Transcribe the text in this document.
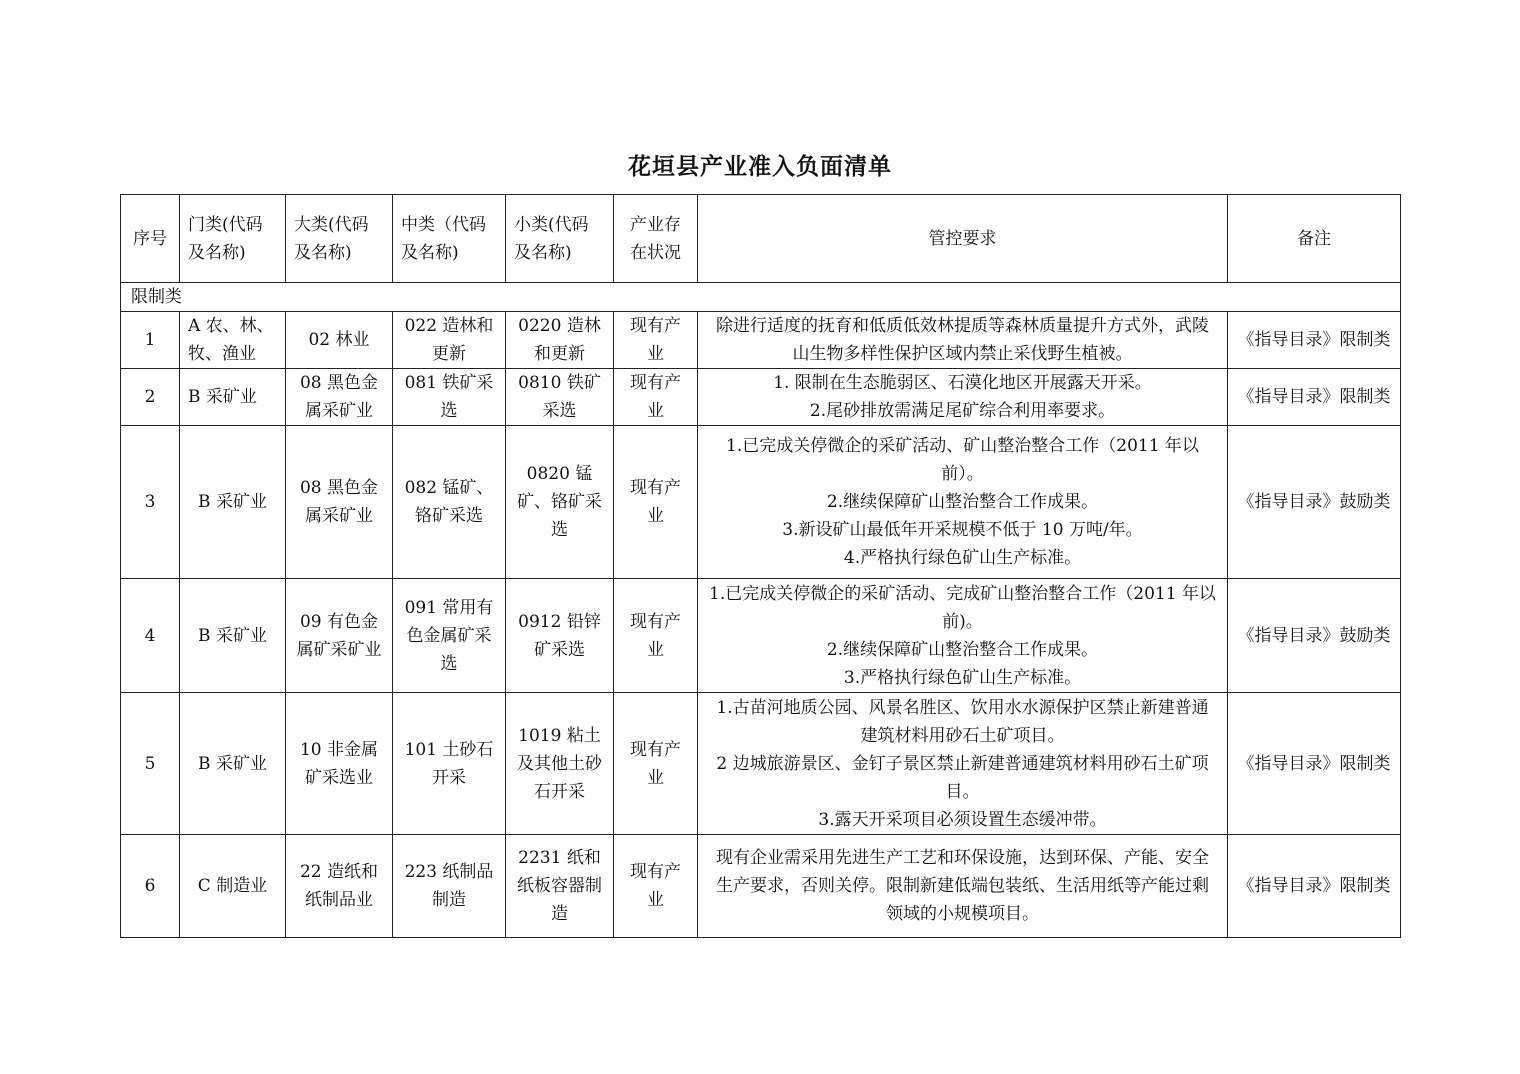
花垣县产业准入负面清单
序号	门类(代码及名称)	大类(代码及名称)	中类（代码及名称)	小类(代码及名称)	产业存在状况	管控要求	备注
限制类							
1	A 农、林、牧、渔业	02 林业	022 造林和更新	0220 造林和更新	现有产业	除进行适度的抚育和低质低效林提质等森林质量提升方式外，武陵山生物多样性保护区域内禁止采伐野生植被。	《指导目录》限制类
2	B 采矿业	08 黑色金属采矿业	081 铁矿采选	0810 铁矿采选	现有产业	1. 限制在生态脆弱区、石漠化地区开展露天开采。
2.尾砂排放需满足尾矿综合利用率要求。	《指导目录》限制类
3	B 采矿业	08 黑色金属采矿业	082 锰矿、铬矿采选	0820 锰矿、铬矿采选	现有产业	1.已完成关停微企的采矿活动、矿山整治整合工作（2011 年以前）。
2.继续保障矿山整治整合工作成果。
3.新设矿山最低年开采规模不低于 10 万吨/年。
4.严格执行绿色矿山生产标准。	《指导目录》鼓励类
4	B 采矿业	09 有色金属矿采矿业	091 常用有色金属矿采选	0912 铅锌矿采选	现有产业	1.已完成关停微企的采矿活动、完成矿山整治整合工作（2011 年以前)。
2.继续保障矿山整治整合工作成果。
3.严格执行绿色矿山生产标准。	《指导目录》鼓励类
5	B 采矿业	10 非金属矿采选业	101 土砂石开采	1019 粘土及其他土砂石开采	现有产业	1.古苗河地质公园、风景名胜区、饮用水水源保护区禁止新建普通建筑材料用砂石土矿项目。
2 边城旅游景区、金钉子景区禁止新建普通建筑材料用砂石土矿项目。
3.露天开采项目必须设置生态缓冲带。	《指导目录》限制类
6	C 制造业	22 造纸和纸制品业	223 纸制品制造	2231 纸和纸板容器制造	现有产业	现有企业需采用先进生产工艺和环保设施，达到环保、产能、安全生产要求，否则关停。限制新建低端包装纸、生活用纸等产能过剩领域的小规模项目。	《指导目录》限制类
